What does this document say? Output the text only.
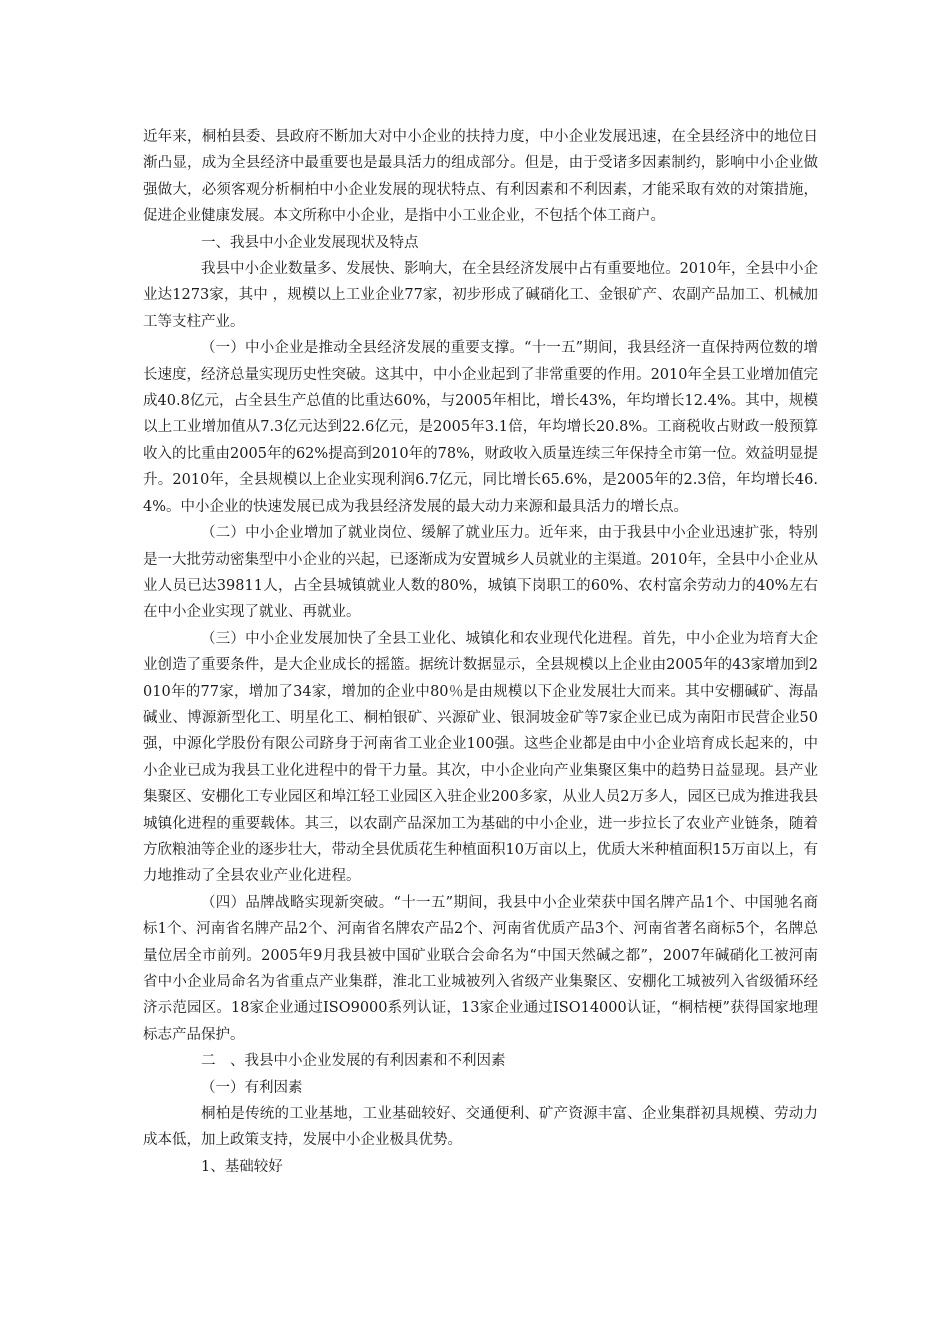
近年来，桐柏县委、县政府不断加大对中小企业的扶持力度，中小企业发展迅速，在全县经济中的地位日渐凸显，成为全县经济中最重要也是最具活力的组成部分。但是，由于受诸多因素制约，影响中小企业做强做大，必须客观分析桐柏中小企业发展的现状特点、有利因素和不利因素，才能采取有效的对策措施，促进企业健康发展。本文所称中小企业，是指中小工业企业，不包括个体工商户。

一、我县中小企业发展现状及特点

我县中小企业数量多、发展快、影响大，在全县经济发展中占有重要地位。2010年，全县中小企业达1273家，其中 ，规模以上工业企业77家，初步形成了碱硝化工、金银矿产、农副产品加工、机械加工等支柱产业。

（一）中小企业是推动全县经济发展的重要支撑。“十一五”期间，我县经济一直保持两位数的增长速度，经济总量实现历史性突破。这其中，中小企业起到了非常重要的作用。2010年全县工业增加值完成40.8亿元，占全县生产总值的比重达60%，与2005年相比，增长43%，年均增长12.4%。其中，规模以上工业增加值从7.3亿元达到22.6亿元，是2005年3.1倍，年均增长20.8%。工商税收占财政一般预算收入的比重由2005年的62%提高到2010年的78%，财政收入质量连续三年保持全市第一位。效益明显提升。2010年，全县规模以上企业实现利润6.7亿元，同比增长65.6%，是2005年的2.3倍，年均增长46.4%。中小企业的快速发展已成为我县经济发展的最大动力来源和最具活力的增长点。

（二）中小企业增加了就业岗位、缓解了就业压力。近年来，由于我县中小企业迅速扩张，特别是一大批劳动密集型中小企业的兴起，已逐渐成为安置城乡人员就业的主渠道。2010年，全县中小企业从业人员已达39811人，占全县城镇就业人数的80%，城镇下岗职工的60%、农村富余劳动力的40%左右在中小企业实现了就业、再就业。

（三）中小企业发展加快了全县工业化、城镇化和农业现代化进程。首先，中小企业为培育大企业创造了重要条件，是大企业成长的摇篮。据统计数据显示，全县规模以上企业由2005年的43家增加到2010年的77家，增加了34家，增加的企业中80％是由规模以下企业发展壮大而来。其中安棚碱矿、海晶碱业、博源新型化工、明星化工、桐柏银矿、兴源矿业、银洞坡金矿等7家企业已成为南阳市民营企业50强，中源化学股份有限公司跻身于河南省工业企业100强。这些企业都是由中小企业培育成长起来的，中小企业已成为我县工业化进程中的骨干力量。其次，中小企业向产业集聚区集中的趋势日益显现。县产业集聚区、安棚化工专业园区和埠江轻工业园区入驻企业200多家，从业人员2万多人，园区已成为推进我县城镇化进程的重要载体。其三，以农副产品深加工为基础的中小企业，进一步拉长了农业产业链条，随着方欣粮油等企业的逐步壮大，带动全县优质花生种植面积10万亩以上，优质大米种植面积15万亩以上，有力地推动了全县农业产业化进程。

（四）品牌战略实现新突破。“十一五”期间，我县中小企业荣获中国名牌产品1个、中国驰名商标1个、河南省名牌产品2个、河南省名牌农产品2个、河南省优质产品3个、河南省著名商标5个，名牌总量位居全市前列。2005年9月我县被中国矿业联合会命名为“中国天然碱之都”，2007年碱硝化工被河南省中小企业局命名为省重点产业集群，淮北工业城被列入省级产业集聚区、安棚化工城被列入省级循环经济示范园区。18家企业通过ISO9000系列认证，13家企业通过ISO14000认证，“桐桔梗”获得国家地理标志产品保护。

二　、我县中小企业发展的有利因素和不利因素

（一）有利因素

桐柏是传统的工业基地，工业基础较好、交通便利、矿产资源丰富、企业集群初具规模、劳动力成本低，加上政策支持，发展中小企业极具优势。

1、基础较好
